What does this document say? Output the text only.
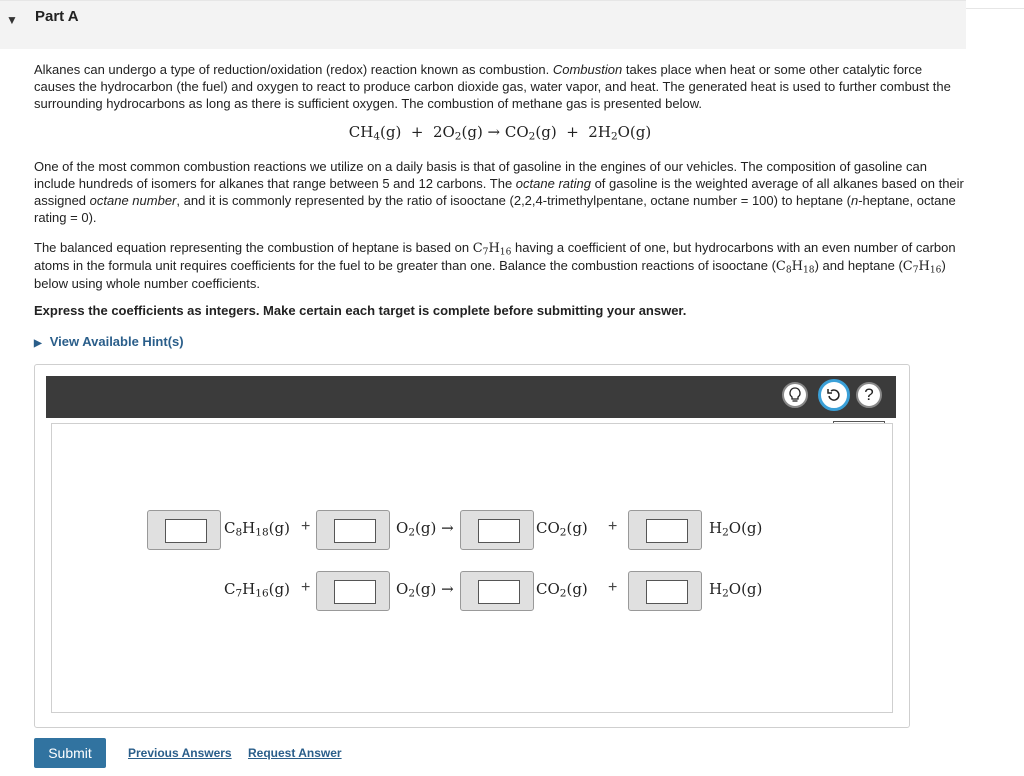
▼ Part A
Alkanes can undergo a type of reduction/oxidation (redox) reaction known as combustion. Combustion takes place when heat or some other catalytic force causes the hydrocarbon (the fuel) and oxygen to react to produce carbon dioxide gas, water vapor, and heat. The generated heat is used to further combust the surrounding hydrocarbons as long as there is sufficient oxygen. The combustion of methane gas is presented below.
$CH_4(g) + 2O_2(g) \to CO_2(g) + 2H_2O(g)$
One of the most common combustion reactions we utilize on a daily basis is that of gasoline in the engines of our vehicles. The composition of gasoline can include hundreds of isomers for alkanes that range between 5 and 12 carbons. The octane rating of gasoline is the weighted average of all alkanes based on their assigned octane number, and it is commonly represented by the ratio of isooctane (2,2,4-trimethylpentane, octane number = 100) to heptane (n-heptane, octane rating = 0).
The balanced equation representing the combustion of heptane is based on $C_7H_{16}$ having a coefficient of one, but hydrocarbons with an even number of carbon atoms in the formula unit requires coefficients for the fuel to be greater than one. Balance the combustion reactions of isooctane $(C_8H_{18})$ and heptane $(C_7H_{16})$ below using whole number coefficients.
Express the coefficients as integers. Make certain each target is complete before submitting your answer.
▶ View Available Hint(s)
?
$C_8H_{18}(g)$ +	$O_2(g)$ →	$CO_2(g)$ +	$H_2O(g)$
$C_7H_{16}(g)$ +	$O_2(g)$ →	$CO_2(g)$ +	$H_2O(g)$
Submit	Previous Answers Request Answer
